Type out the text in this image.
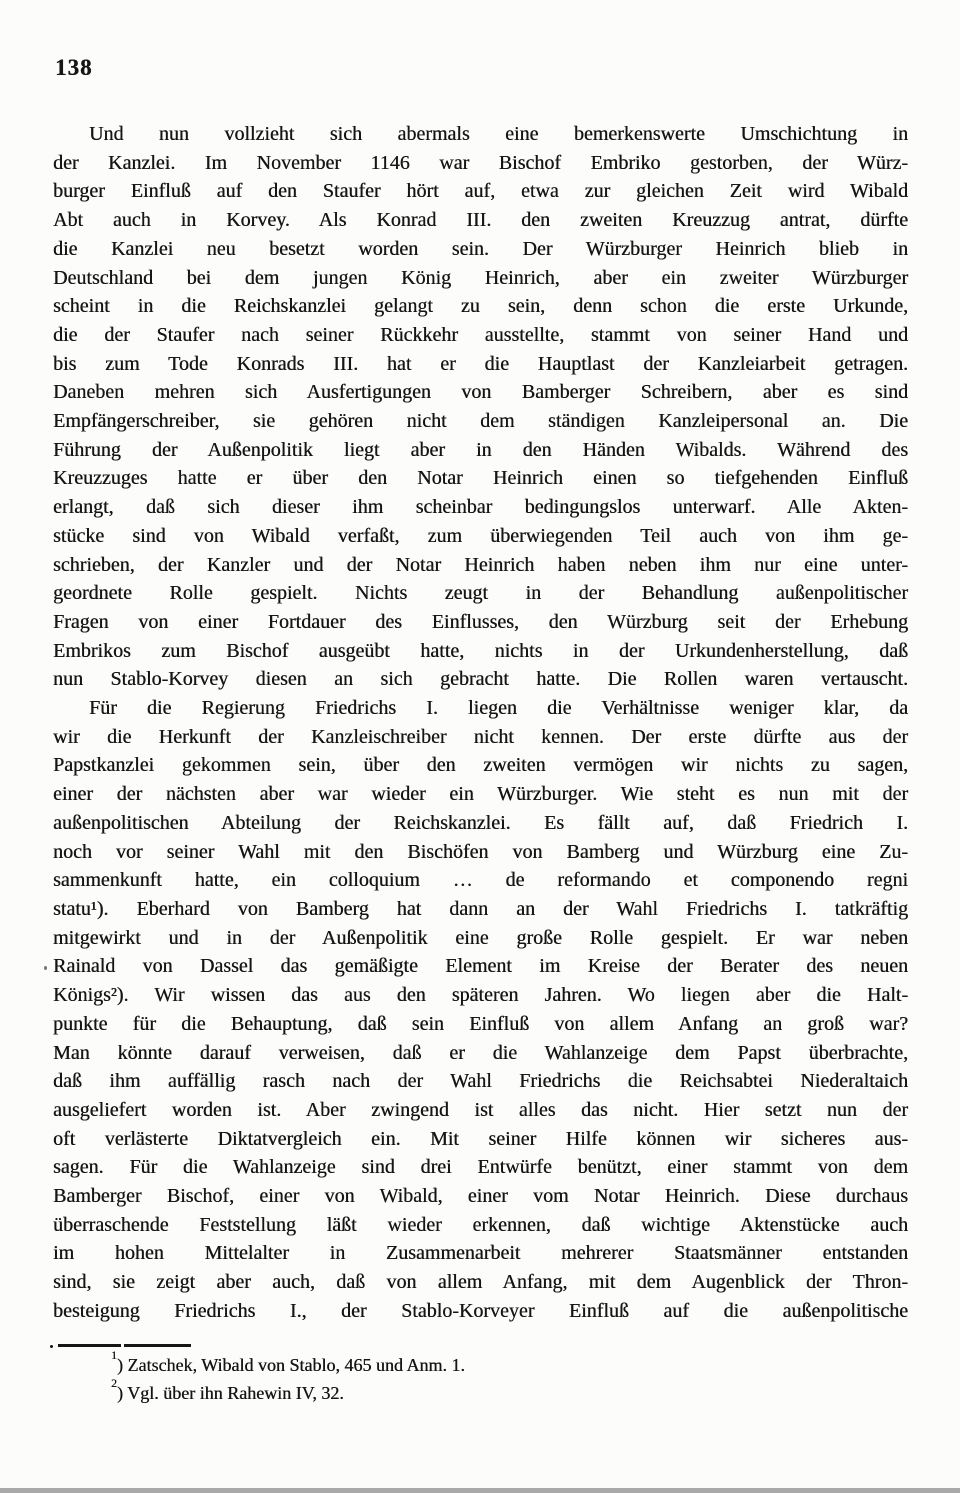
138
Und nun vollzieht sich abermals eine bemerkenswerte Umschichtung in
der Kanzlei. Im November 1146 war Bischof Embriko gestorben, der Würz-
burger Einfluß auf den Staufer hört auf, etwa zur gleichen Zeit wird Wibald
Abt auch in Korvey. Als Konrad III. den zweiten Kreuzzug antrat, dürfte
die Kanzlei neu besetzt worden sein. Der Würzburger Heinrich blieb in
Deutschland bei dem jungen König Heinrich, aber ein zweiter Würzburger
scheint in die Reichskanzlei gelangt zu sein, denn schon die erste Urkunde,
die der Staufer nach seiner Rückkehr ausstellte, stammt von seiner Hand und
bis zum Tode Konrads III. hat er die Hauptlast der Kanzleiarbeit getragen.
Daneben mehren sich Ausfertigungen von Bamberger Schreibern, aber es sind
Empfängerschreiber, sie gehören nicht dem ständigen Kanzleipersonal an. Die
Führung der Außenpolitik liegt aber in den Händen Wibalds. Während des
Kreuzzuges hatte er über den Notar Heinrich einen so tiefgehenden Einfluß
erlangt, daß sich dieser ihm scheinbar bedingungslos unterwarf. Alle Akten-
stücke sind von Wibald verfaßt, zum überwiegenden Teil auch von ihm ge-
schrieben, der Kanzler und der Notar Heinrich haben neben ihm nur eine unter-
geordnete Rolle gespielt. Nichts zeugt in der Behandlung außenpolitischer
Fragen von einer Fortdauer des Einflusses, den Würzburg seit der Erhebung
Embrikos zum Bischof ausgeübt hatte, nichts in der Urkundenherstellung, daß
nun Stablo-Korvey diesen an sich gebracht hatte. Die Rollen waren vertauscht.
Für die Regierung Friedrichs I. liegen die Verhältnisse weniger klar, da
wir die Herkunft der Kanzleischreiber nicht kennen. Der erste dürfte aus der
Papstkanzlei gekommen sein, über den zweiten vermögen wir nichts zu sagen,
einer der nächsten aber war wieder ein Würzburger. Wie steht es nun mit der
außenpolitischen Abteilung der Reichskanzlei. Es fällt auf, daß Friedrich I.
noch vor seiner Wahl mit den Bischöfen von Bamberg und Würzburg eine Zu-
sammenkunft hatte, ein colloquium … de reformando et componendo regni
statu¹). Eberhard von Bamberg hat dann an der Wahl Friedrichs I. tatkräftig
mitgewirkt und in der Außenpolitik eine große Rolle gespielt. Er war neben
Rainald von Dassel das gemäßigte Element im Kreise der Berater des neuen
Königs²). Wir wissen das aus den späteren Jahren. Wo liegen aber die Halt-
punkte für die Behauptung, daß sein Einfluß von allem Anfang an groß war?
Man könnte darauf verweisen, daß er die Wahlanzeige dem Papst überbrachte,
daß ihm auffällig rasch nach der Wahl Friedrichs die Reichsabtei Niederaltaich
ausgeliefert worden ist. Aber zwingend ist alles das nicht. Hier setzt nun der
oft verlästerte Diktatvergleich ein. Mit seiner Hilfe können wir sicheres aus-
sagen. Für die Wahlanzeige sind drei Entwürfe benützt, einer stammt von dem
Bamberger Bischof, einer von Wibald, einer vom Notar Heinrich. Diese durchaus
überraschende Feststellung läßt wieder erkennen, daß wichtige Aktenstücke auch
im hohen Mittelalter in Zusammenarbeit mehrerer Staatsmänner entstanden
sind, sie zeigt aber auch, daß von allem Anfang, mit dem Augenblick der Thron-
besteigung Friedrichs I., der Stablo-Korveyer Einfluß auf die außenpolitische
$^1$) Zatschek, Wibald von Stablo, 465 und Anm. 1.
$^2$) Vgl. über ihn Rahewin IV, 32.
